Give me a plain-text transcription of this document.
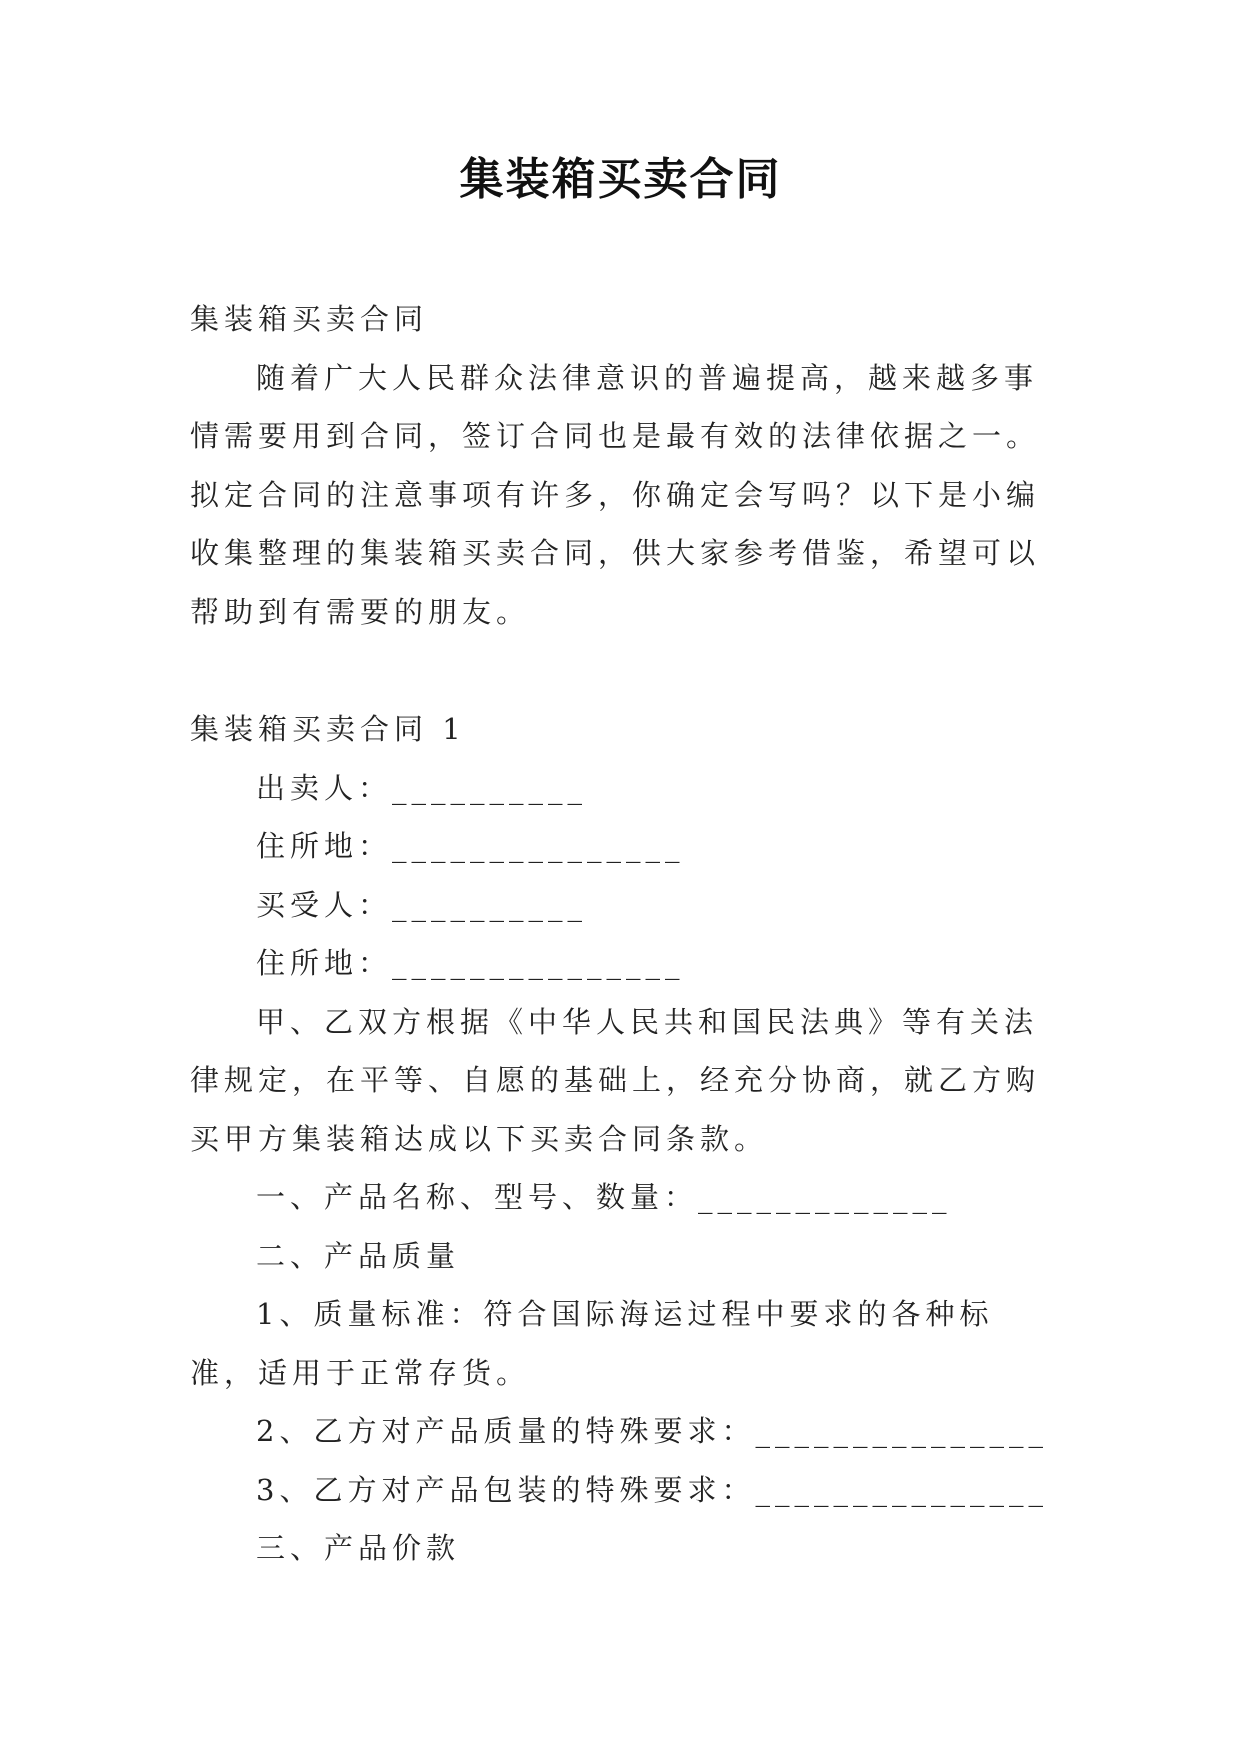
集装箱买卖合同

集装箱买卖合同

随着广大人民群众法律意识的普遍提高，越来越多事情需要用到合同，签订合同也是最有效的法律依据之一。拟定合同的注意事项有许多，你确定会写吗？以下是小编收集整理的集装箱买卖合同，供大家参考借鉴，希望可以帮助到有需要的朋友。

集装箱买卖合同 1

出卖人：__________

住所地：_______________

买受人：__________

住所地：_______________

甲、乙双方根据《中华人民共和国民法典》等有关法律规定，在平等、自愿的基础上，经充分协商，就乙方购买甲方集装箱达成以下买卖合同条款。

一、产品名称、型号、数量：_____________

二、产品质量

1、质量标准：符合国际海运过程中要求的各种标准，适用于正常存货。

2、乙方对产品质量的特殊要求：_______________

3、乙方对产品包装的特殊要求：_______________

三、产品价款
